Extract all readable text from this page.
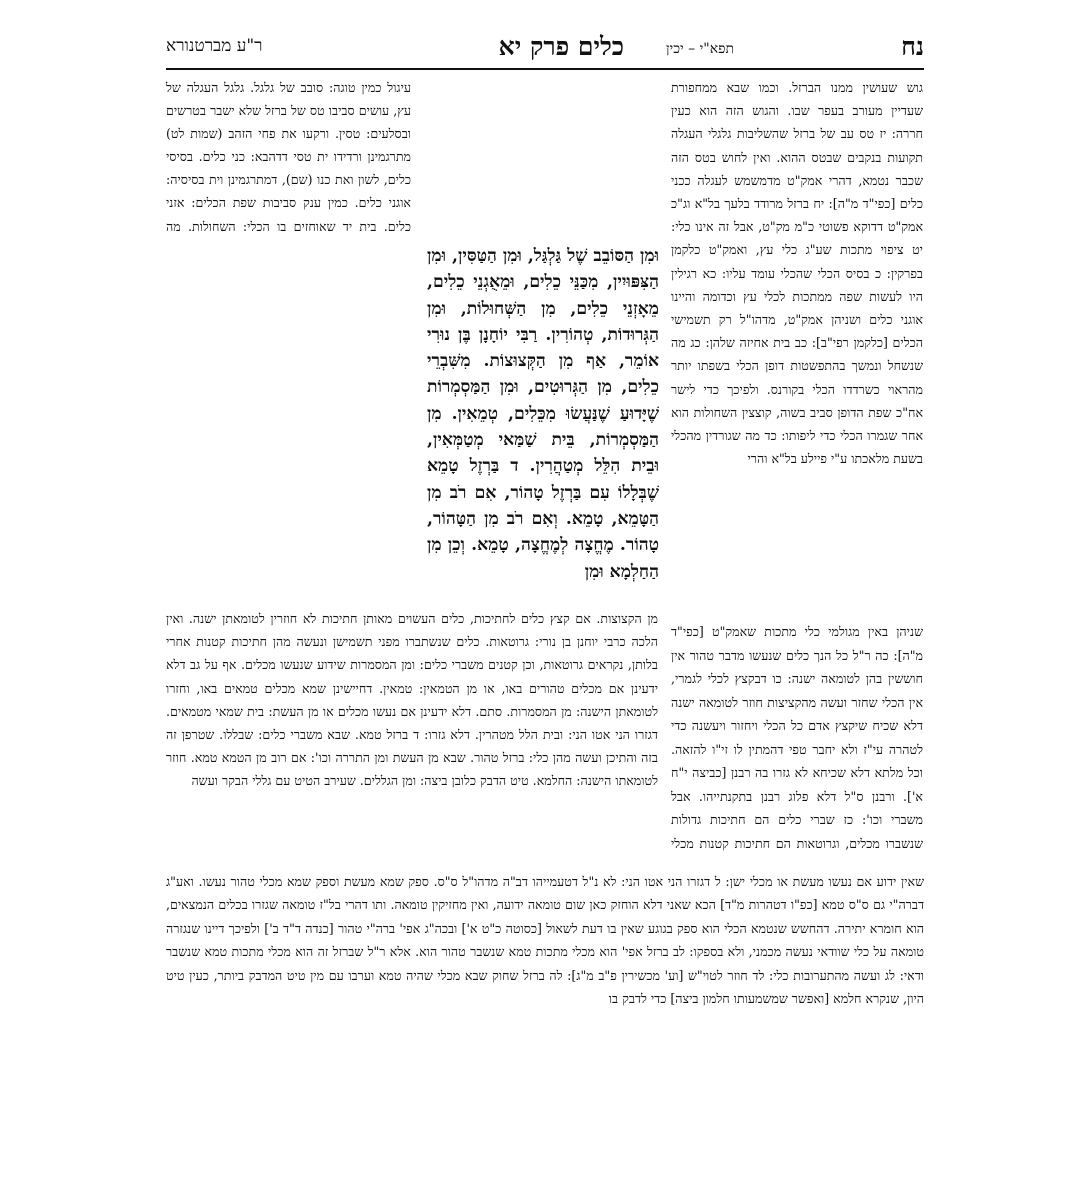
נח
תפא"י – יכין
כלים פרק יא
ר"ע מברטנורא

גוש שעושין ממנו הברזל. וכמו שבא ממחפורת שעדיין מעורב בעפר שבו. והגוש הזה הוא כעין חררה: יז טס עב של ברזל שהשליבות גלגלי העגלה תקועות בנקבים שבטס ההוא. ואין לחוש בטס הזה שכבר נטמא, דהרי אמק"ט מדמשמש לעגלה ככני כלים [כפי"ד מ"ה]: יח ברזל מרודד בלעך בל"א וג"כ אמק"ט דדוקא פשוטי כ"מ מק"ט, אבל זה אינו כלי: יט ציפוי מתכות שע"ג כלי עץ, ואמק"ט כלקמן בפרקין: כ בסיס הכלי שהכלי עומד עליו: כא רגילין היו לעשות שפה ממתכות לכלי עץ וכדומה והיינו אוגני כלים ושניהן אמק"ט, מדהו"ל רק תשמישי הכלים [כלקמן רפי"ב]: כב בית אחיזה שלהן: כג מה שנשחל ונמשך בהתפשטות דופן הכלי בשפתו יותר מהראוי כשרדדו הכלי בקורנס. ולפיכך כדי לישר אח"כ שפת הדופן סביב בשוה, קוצצין השחולות הוא אחר שגמרו הכלי כדי ליפותו: כד מה שגורדין מהכלי בשעת מלאכתו ע"י פיילע בל"א והרי

וּמִן הַסּוֹבֵב שֶׁל גַּלְגַּל, וּמִן הַטַּסִּין, וּמִן הַצִּפּוּיִין, מִכַּנֵּי כֵלִים, וּמֵאֻגְנֵי כֵלִים, מֵאָזְנֵי כֵלִים, מִן הַשְּׁחוּלוֹת, וּמִן הַגְּרוּדוֹת, טְהוֹרִין. רַבִּי יוֹחָנָן בֶּן נוּרִי אוֹמֵר, אַף מִן הַקְּצוּצוֹת. מִשִּׁבְרֵי כֵלִים, מִן הַגְּרוּטִים, וּמִן הַמַּסְמְרוֹת שֶׁיָּדוּעַ שֶׁנַּעֲשׂוּ מִכֵּלִים, טְמֵאִין. מִן הַמַּסְמְרוֹת, בֵּית שַׁמַּאי מְטַמְּאִין, וּבֵית הִלֵּל מְטַהֲרִין. ד בַּרְזֶל טָמֵא שֶׁבְּלָלוֹ עִם בַּרְזֶל טָהוֹר, אִם רֹב מִן הַטָּמֵא, טָמֵא. וְאִם רֹב מִן הַטָּהוֹר, טָהוֹר. מֶחֱצָה לְמֶחֱצָה, טָמֵא. וְכֵן מִן הַחַלְמָא וּמִן

עיגול כמין טוגה: סובב של גלגל. גלגל העגלה של עץ, עושים סביבו טס של ברזל שלא ישבר בטרשים ובסלעים: טסין. ורקעו את פחי הזהב (שמות לט) מתרגמינן ורדידו ית טסי דדהבא: כני כלים. בסיסי כלים, לשון ואת כנו (שם), דמתרגמינן וית בסיסיה: אוגני כלים. כמין ענק סביבות שפת הכלים: אזני כלים. בית יד שאוחזים בו הכלי: השחולות. מה

שניהן באין מגולמי כלי מתכות שאמק"ט [כפי"ד מ"ה]: כה ר"ל כל הנך כלים שנעשו מדבר טהור אין חוששין בהן לטומאה ישנה: כו דבקצץ לכלי לגמרי, אין הכלי שחזר ועשה מהקציצות חוזר לטומאה ישנה דלא שכיח שיקצץ אדם כל הכלי ויחזור ויעשנה כדי לטהרה עי"ז ולא יחבר טפי דהמתין לו זי"ו להזאה. וכל מלתא דלא שכיחא לא גזרו בה רבנן [כביצה י"ח א']. ורבנן ס"ל דלא פלוג רבנן בתקנתייהו. אבל משברי וכו': כז שברי כלים הם חתיכות גדולות שנשברו מכלים, וגרוטאות הם חתיכות קטנות מכלי

מן הקצוצות. אם קצץ כלים לחתיכות, כלים העשוים מאותן חתיכות לא חוזרין לטומאתן ישנה. ואין הלכה כרבי יוחנן בן נורי: גרוטאות. כלים שנשתברו מפני תשמישן ונעשה מהן חתיכות קטנות אחרי בלותן, נקראים גרוטאות, וכן קטנים משברי כלים: ומן המסמרות שידוע שנעשו מכלים. אף על גב דלא ידעינן אם מכלים טהורים באו, או מן הטמאין: טמאין. דחיישינן שמא מכלים טמאים באו, וחזרו לטומאתן הישנה: מן המסמרות. סתם. דלא ידעינן אם נעשו מכלים או מן העשת: בית שמאי מטמאים. דגזרו הני אטו הני: ובית הלל מטהרין. דלא גזרו: ד ברזל טמא. שבא משברי כלים: שבללו. שטרפן זה בזה והתיכן ועשה מהן כלי: ברזל טהור. שבא מן העשת ומן התררה וכו': אם רוב מן הטמא טמא. חוזר לטומאתו הישנה: החלמא. טיט הדבק כלובן ביצה: ומן הגללים. שעירב הטיט עם גללי הבקר ועשה

שאין ידוע אם נעשו מעשת או מכלי ישן: ל דגזרו הני אטו הני: לא נ"ל דטעמייהו דב"ה מדהו"ל ס"ס. ספק שמא מעשת וספק שמא מכלי טהור נעשו. ואע"ג דברה"י גם ס"ס טמא [כפ"ו דטהרות מ"ד] הכא שאני דלא הוחזק כאן שום טומאה ידועה, ואין מחזיקין טומאה. ותו דהרי בל"ז טומאה שגזרו בכלים הנמצאים, הוא חומרא יתירה. דהחשש שנטמא הכלי הוא ספק בגוגע שאין בו דעת לשאול [כסוטה כ"ט א'] ובכה"ג אפי' ברה"י טהור [כנדה ד"ד ב'] ולפיכך דיינו שנגזרה טומאה על כלי שוודאי נעשה מכמני, ולא בספקו: לב ברזל אפי' הוא מכלי מתכות טמא שנשבר טהור הוא. אלא ר"ל שברזל זה הוא מכלי מתכות טמא שנשבר ודאי: לג ועשה מהתערובות כלי: לד חוזר לטוי"ש [וע' מכשירין פ"ב מ"ג]: לה ברזל שחוק שבא מכלי שהיה טמא וערבו עם מין טיט המדבק ביותר, כעין טיט היון, שנקרא חלמא [ואפשר שמשמעותו חלמון ביצה] כדי לדבק בו
